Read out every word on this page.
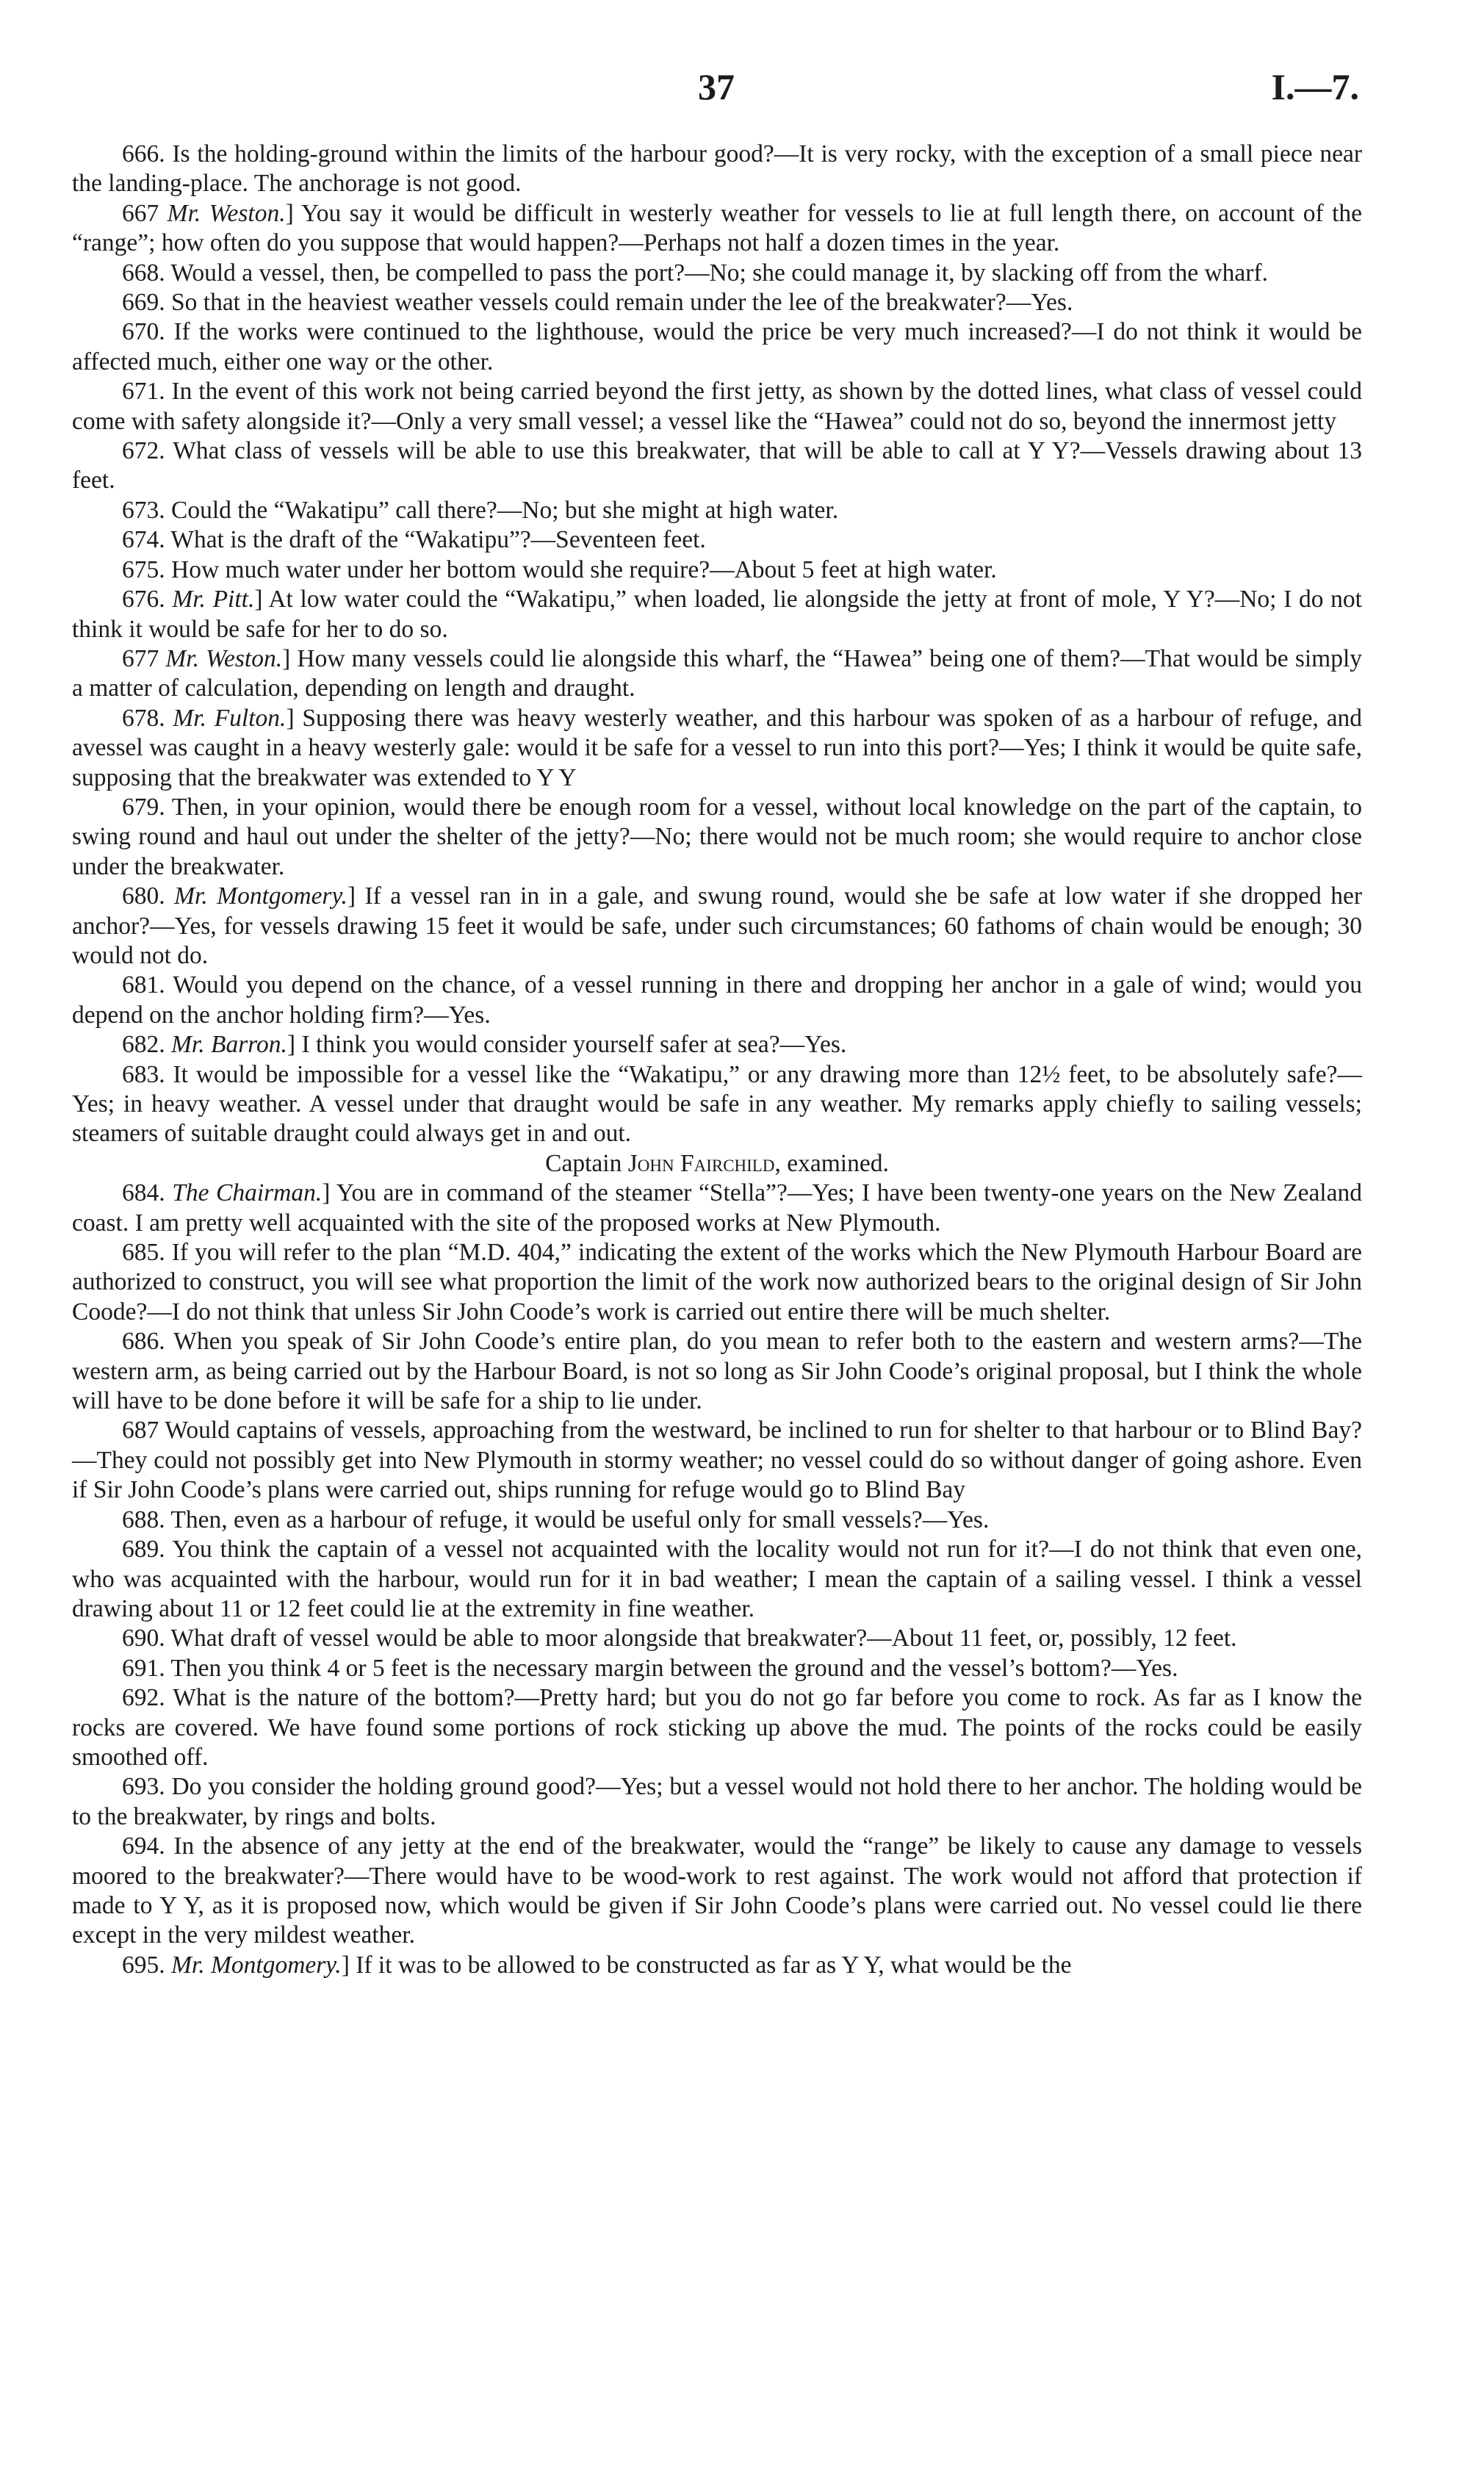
37	I.—7.

666. Is the holding-ground within the limits of the harbour good?—It is very rocky, with the exception of a small piece near the landing-place. The anchorage is not good.

667 Mr. Weston.] You say it would be difficult in westerly weather for vessels to lie at full length there, on account of the “range”; how often do you suppose that would happen?—Perhaps not half a dozen times in the year.

668. Would a vessel, then, be compelled to pass the port?—No; she could manage it, by slacking off from the wharf.

669. So that in the heaviest weather vessels could remain under the lee of the breakwater?—Yes.

670. If the works were continued to the lighthouse, would the price be very much increased?—I do not think it would be affected much, either one way or the other.

671. In the event of this work not being carried beyond the first jetty, as shown by the dotted lines, what class of vessel could come with safety alongside it?—Only a very small vessel; a vessel like the “Hawea” could not do so, beyond the innermost jetty

672. What class of vessels will be able to use this breakwater, that will be able to call at Y Y?—Vessels drawing about 13 feet.

673. Could the “Wakatipu” call there?—No; but she might at high water.

674. What is the draft of the “Wakatipu”?—Seventeen feet.

675. How much water under her bottom would she require?—About 5 feet at high water.

676. Mr. Pitt.] At low water could the “Wakatipu,” when loaded, lie alongside the jetty at front of mole, Y Y?—No; I do not think it would be safe for her to do so.

677 Mr. Weston.] How many vessels could lie alongside this wharf, the “Hawea” being one of them?—That would be simply a matter of calculation, depending on length and draught.

678. Mr. Fulton.] Supposing there was heavy westerly weather, and this harbour was spoken of as a harbour of refuge, and avessel was caught in a heavy westerly gale: would it be safe for a vessel to run into this port?—Yes; I think it would be quite safe, supposing that the breakwater was extended to Y Y

679. Then, in your opinion, would there be enough room for a vessel, without local knowledge on the part of the captain, to swing round and haul out under the shelter of the jetty?—No; there would not be much room; she would require to anchor close under the breakwater.

680. Mr. Montgomery.] If a vessel ran in in a gale, and swung round, would she be safe at low water if she dropped her anchor?—Yes, for vessels drawing 15 feet it would be safe, under such circumstances; 60 fathoms of chain would be enough; 30 would not do.

681. Would you depend on the chance, of a vessel running in there and dropping her anchor in a gale of wind; would you depend on the anchor holding firm?—Yes.

682. Mr. Barron.] I think you would consider yourself safer at sea?—Yes.

683. It would be impossible for a vessel like the “Wakatipu,” or any drawing more than 12½ feet, to be absolutely safe?—Yes; in heavy weather. A vessel under that draught would be safe in any weather. My remarks apply chiefly to sailing vessels; steamers of suitable draught could always get in and out.

Captain John Fairchild, examined.

684. The Chairman.] You are in command of the steamer “Stella”?—Yes; I have been twenty-one years on the New Zealand coast. I am pretty well acquainted with the site of the proposed works at New Plymouth.

685. If you will refer to the plan “M.D. 404,” indicating the extent of the works which the New Plymouth Harbour Board are authorized to construct, you will see what proportion the limit of the work now authorized bears to the original design of Sir John Coode?—I do not think that unless Sir John Coode’s work is carried out entire there will be much shelter.

686. When you speak of Sir John Coode’s entire plan, do you mean to refer both to the eastern and western arms?—The western arm, as being carried out by the Harbour Board, is not so long as Sir John Coode’s original proposal, but I think the whole will have to be done before it will be safe for a ship to lie under.

687 Would captains of vessels, approaching from the westward, be inclined to run for shelter to that harbour or to Blind Bay?—They could not possibly get into New Plymouth in stormy weather; no vessel could do so without danger of going ashore. Even if Sir John Coode’s plans were carried out, ships running for refuge would go to Blind Bay

688. Then, even as a harbour of refuge, it would be useful only for small vessels?—Yes.

689. You think the captain of a vessel not acquainted with the locality would not run for it?—I do not think that even one, who was acquainted with the harbour, would run for it in bad weather; I mean the captain of a sailing vessel. I think a vessel drawing about 11 or 12 feet could lie at the extremity in fine weather.

690. What draft of vessel would be able to moor alongside that breakwater?—About 11 feet, or, possibly, 12 feet.

691. Then you think 4 or 5 feet is the necessary margin between the ground and the vessel’s bottom?—Yes.

692. What is the nature of the bottom?—Pretty hard; but you do not go far before you come to rock. As far as I know the rocks are covered. We have found some portions of rock sticking up above the mud. The points of the rocks could be easily smoothed off.

693. Do you consider the holding ground good?—Yes; but a vessel would not hold there to her anchor. The holding would be to the breakwater, by rings and bolts.

694. In the absence of any jetty at the end of the breakwater, would the “range” be likely to cause any damage to vessels moored to the breakwater?—There would have to be wood-work to rest against. The work would not afford that protection if made to Y Y, as it is proposed now, which would be given if Sir John Coode’s plans were carried out. No vessel could lie there except in the very mildest weather.

695. Mr. Montgomery.] If it was to be allowed to be constructed as far as Y Y, what would be the
